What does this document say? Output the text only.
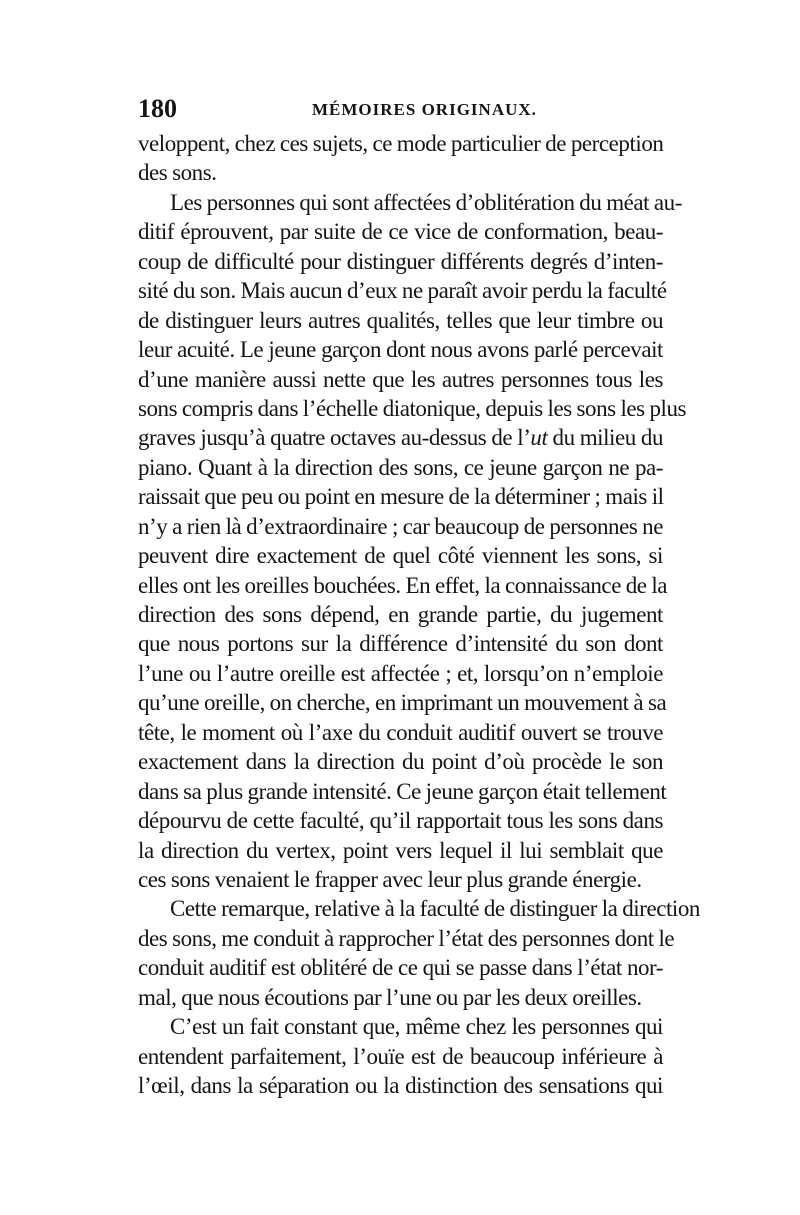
180	MÉMOIRES ORIGINAUX.
veloppent, chez ces sujets, ce mode particulier de perception
des sons.
Les personnes qui sont affectées d’oblitération du méat au-
ditif éprouvent, par suite de ce vice de conformation, beau-
coup de difficulté pour distinguer différents degrés d’inten-
sité du son. Mais aucun d’eux ne paraît avoir perdu la faculté
de distinguer leurs autres qualités, telles que leur timbre ou
leur acuité. Le jeune garçon dont nous avons parlé percevait
d’une manière aussi nette que les autres personnes tous les
sons compris dans l’échelle diatonique, depuis les sons les plus
graves jusqu’à quatre octaves au-dessus de l’ut du milieu du
piano. Quant à la direction des sons, ce jeune garçon ne pa-
raissait que peu ou point en mesure de la déterminer ; mais il
n’y a rien là d’extraordinaire ; car beaucoup de personnes ne
peuvent dire exactement de quel côté viennent les sons, si
elles ont les oreilles bouchées. En effet, la connaissance de la
direction des sons dépend, en grande partie, du jugement
que nous portons sur la différence d’intensité du son dont
l’une ou l’autre oreille est affectée ; et, lorsqu’on n’emploie
qu’une oreille, on cherche, en imprimant un mouvement à sa
tête, le moment où l’axe du conduit auditif ouvert se trouve
exactement dans la direction du point d’où procède le son
dans sa plus grande intensité. Ce jeune garçon était tellement
dépourvu de cette faculté, qu’il rapportait tous les sons dans
la direction du vertex, point vers lequel il lui semblait que
ces sons venaient le frapper avec leur plus grande énergie.
Cette remarque, relative à la faculté de distinguer la direction
des sons, me conduit à rapprocher l’état des personnes dont le
conduit auditif est oblitéré de ce qui se passe dans l’état nor-
mal, que nous écoutions par l’une ou par les deux oreilles.
C’est un fait constant que, même chez les personnes qui
entendent parfaitement, l’ouïe est de beaucoup inférieure à
l’œil, dans la séparation ou la distinction des sensations qui
